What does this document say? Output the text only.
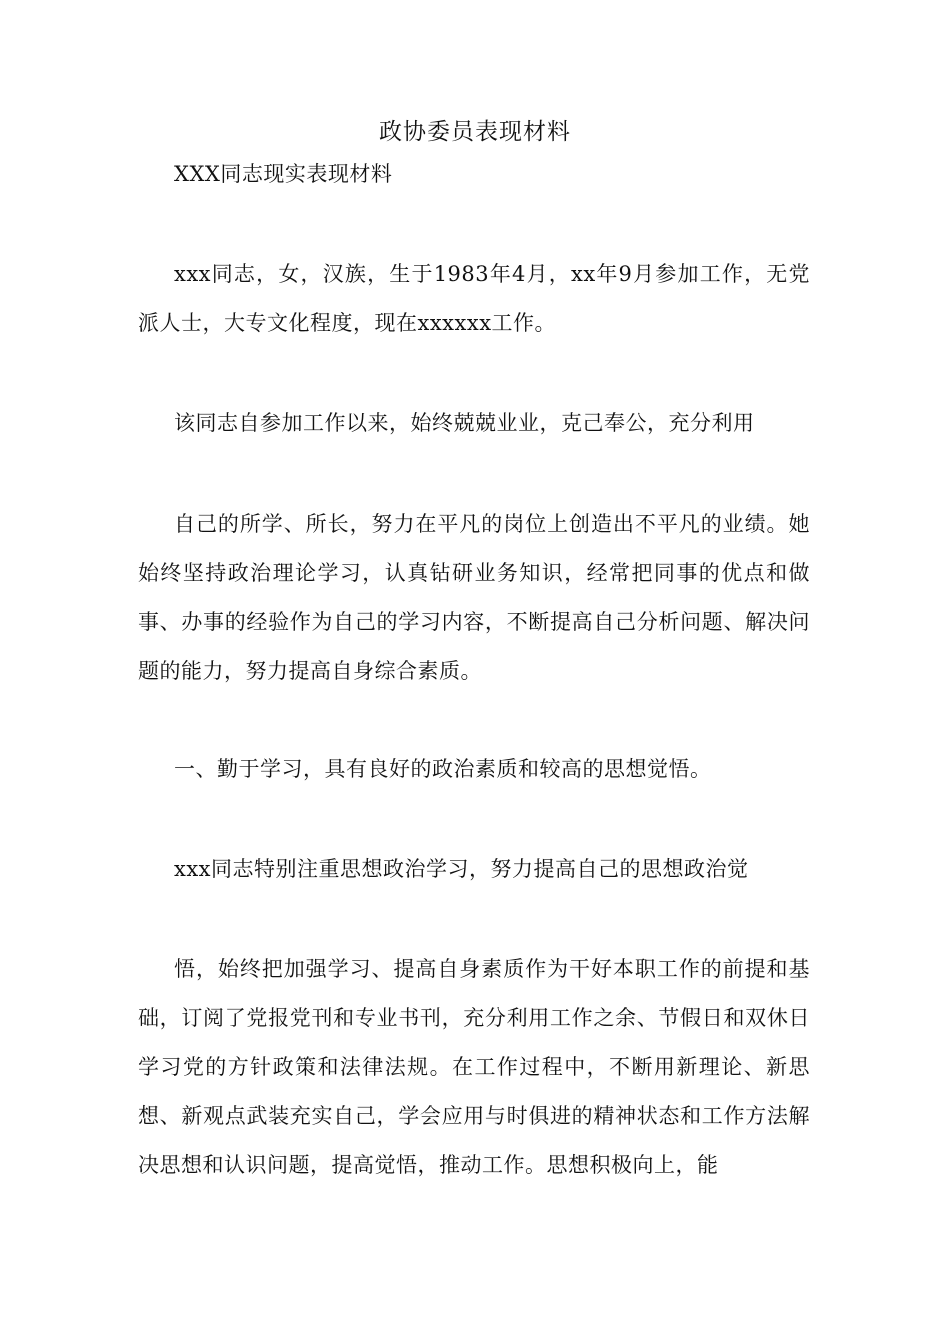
政协委员表现材料

XXX同志现实表现材料

xxx同志，女，汉族，生于1983年4月，xx年9月参加工作，无党派人士，大专文化程度，现在xxxxxx工作。

该同志自参加工作以来，始终兢兢业业，克己奉公，充分利用

自己的所学、所长，努力在平凡的岗位上创造出不平凡的业绩。她始终坚持政治理论学习，认真钻研业务知识，经常把同事的优点和做事、办事的经验作为自己的学习内容，不断提高自己分析问题、解决问题的能力，努力提高自身综合素质。

一、勤于学习，具有良好的政治素质和较高的思想觉悟。

xxx同志特别注重思想政治学习，努力提高自己的思想政治觉

悟，始终把加强学习、提高自身素质作为干好本职工作的前提和基础，订阅了党报党刊和专业书刊，充分利用工作之余、节假日和双休日学习党的方针政策和法律法规。在工作过程中，不断用新理论、新思想、新观点武装充实自己，学会应用与时俱进的精神状态和工作方法解决思想和认识问题，提高觉悟，推动工作。思想积极向上，能
